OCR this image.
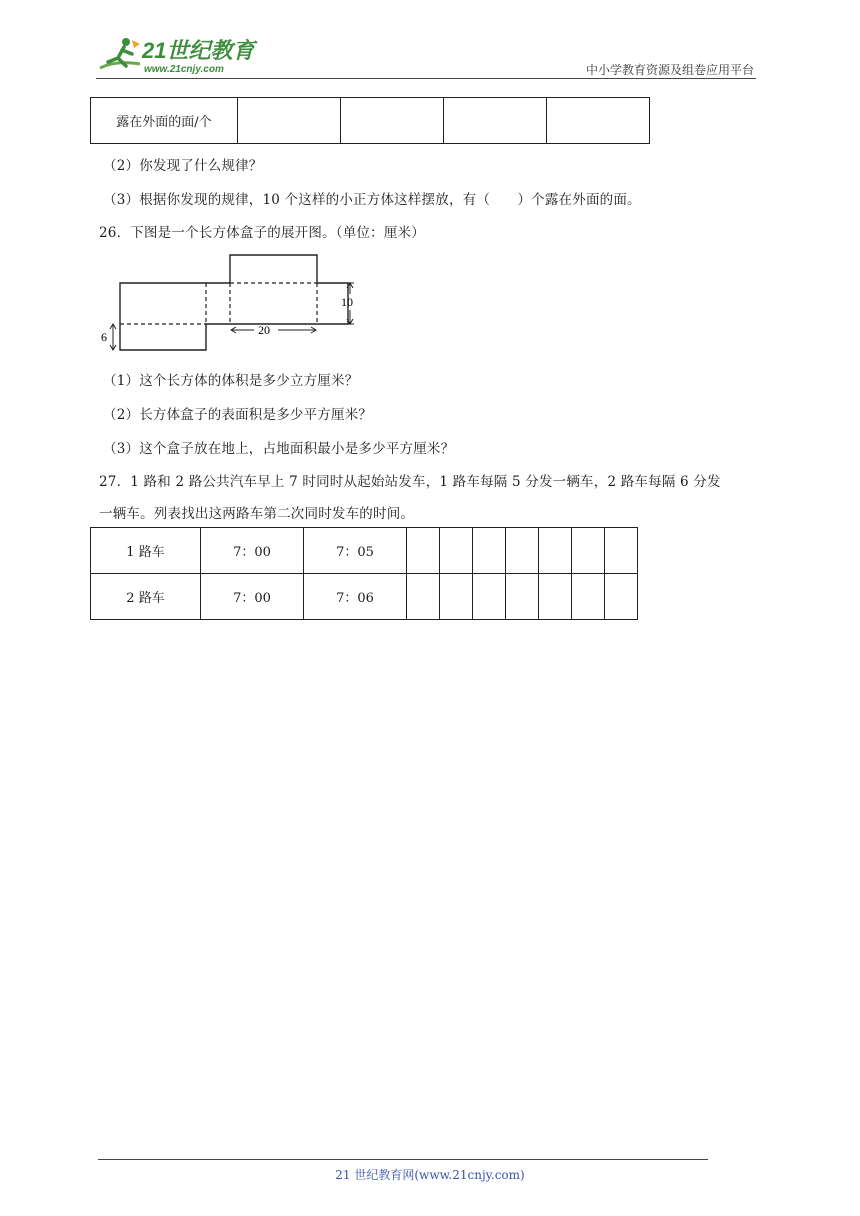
21世纪教育
www.21cnjy.com	中小学教育资源及组卷应用平台
露在外面的面/个				
（2）你发现了什么规律？
（3）根据你发现的规律，10 个这样的小正方体这样摆放，有（　　）个露在外面的面。
26．下图是一个长方体盒子的展开图。（单位：厘米）
6	20
10
（1）这个长方体的体积是多少立方厘米？
（2）长方体盒子的表面积是多少平方厘米？
（3）这个盒子放在地上，占地面积最小是多少平方厘米？
27．1 路和 2 路公共汽车早上 7 时同时从起始站发车，1 路车每隔 5 分发一辆车，2 路车每隔 6 分发
一辆车。列表找出这两路车第二次同时发车的时间。
1 路车	7：00	7：05							
2 路车	7：00	7：06							
21 世纪教育网(www.21cnjy.com)
